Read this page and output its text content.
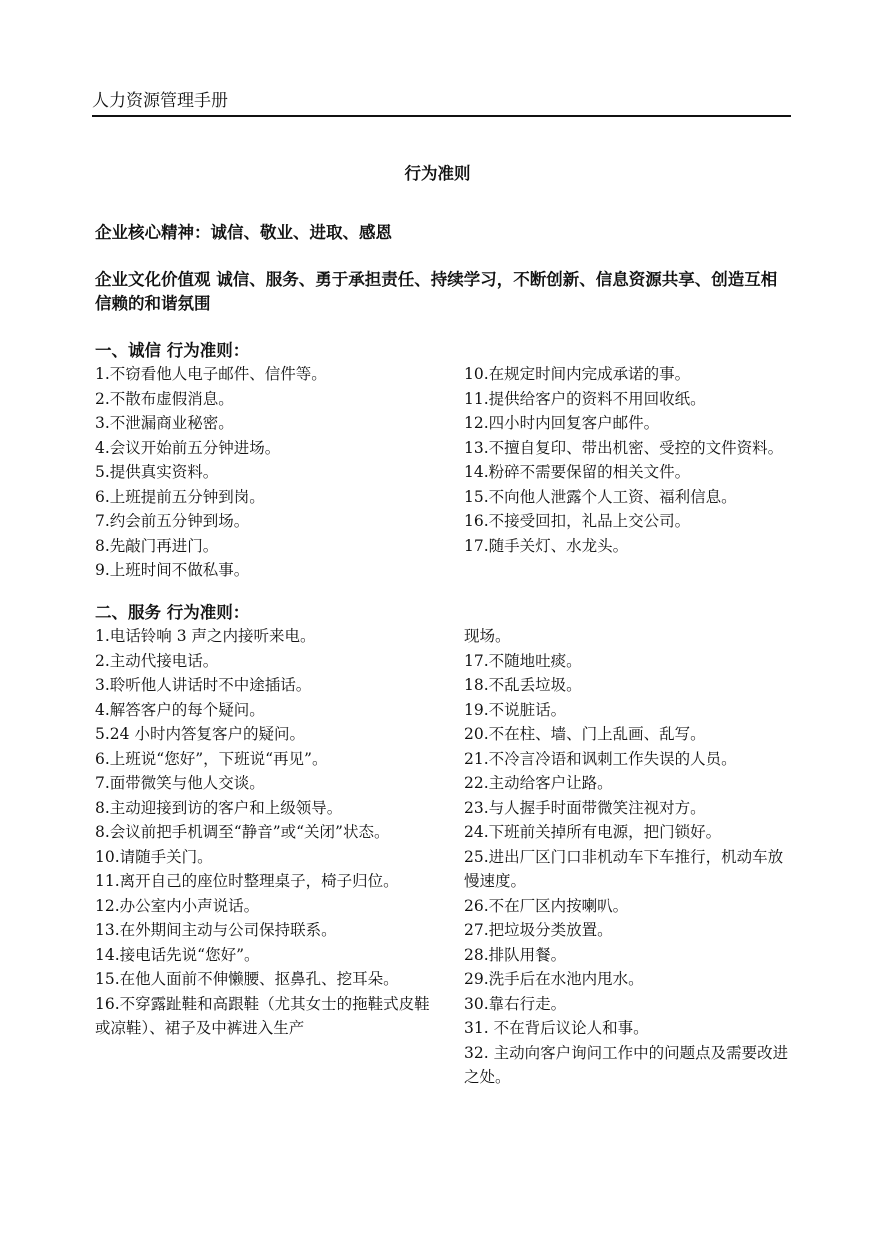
人力资源管理手册
行为准则
企业核心精神：诚信、敬业、进取、感恩
企业文化价值观 诚信、服务、勇于承担责任、持续学习，不断创新、信息资源共享、创造互相信赖的和谐氛围
一、诚信 行为准则：

1.不窃看他人电子邮件、信件等。

2.不散布虚假消息。

3.不泄漏商业秘密。

4.会议开始前五分钟进场。

5.提供真实资料。

6.上班提前五分钟到岗。

7.约会前五分钟到场。

8.先敲门再进门。

9.上班时间不做私事。

10.在规定时间内完成承诺的事。

11.提供给客户的资料不用回收纸。

12.四小时内回复客户邮件。

13.不擅自复印、带出机密、受控的文件资料。

14.粉碎不需要保留的相关文件。

15.不向他人泄露个人工资、福利信息。

16.不接受回扣，礼品上交公司。

17.随手关灯、水龙头。

二、服务 行为准则：

1.电话铃响 3 声之内接听来电。

2.主动代接电话。

3.聆听他人讲话时不中途插话。

4.解答客户的每个疑问。

5.24 小时内答复客户的疑问。

6.上班说“您好”，下班说“再见”。

7.面带微笑与他人交谈。

8.主动迎接到访的客户和上级领导。

8.会议前把手机调至“静音”或“关闭”状态。

10.请随手关门。

11.离开自己的座位时整理桌子，椅子归位。

12.办公室内小声说话。

13.在外期间主动与公司保持联系。

14.接电话先说“您好”。

15.在他人面前不伸懒腰、抠鼻孔、挖耳朵。

16.不穿露趾鞋和高跟鞋（尤其女士的拖鞋式皮鞋或凉鞋）、裙子及中裤进入生产

现场。

17.不随地吐痰。

18.不乱丢垃圾。

19.不说脏话。

20.不在柱、墙、门上乱画、乱写。

21.不冷言冷语和讽刺工作失误的人员。

22.主动给客户让路。

23.与人握手时面带微笑注视对方。

24.下班前关掉所有电源，把门锁好。

25.进出厂区门口非机动车下车推行，机动车放慢速度。

26.不在厂区内按喇叭。

27.把垃圾分类放置。

28.排队用餐。

29.洗手后在水池内甩水。

30.靠右行走。

31. 不在背后议论人和事。

32. 主动向客户询问工作中的问题点及需要改进之处。
